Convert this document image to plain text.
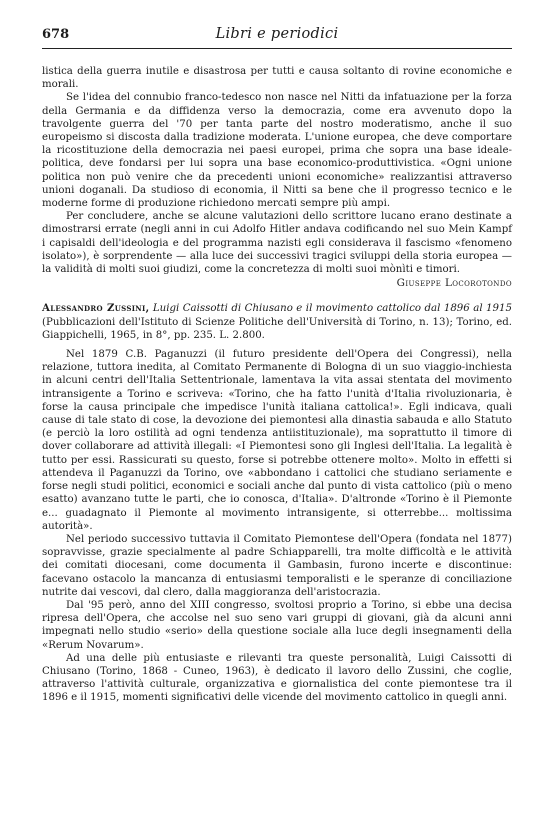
678	Libri e periodici

listica della guerra inutile e disastrosa per tutti e causa soltanto di rovine economiche e morali.

Se l'idea del connubio franco-tedesco non nasce nel Nitti da infatuazione per la forza della Germania e da diffidenza verso la democrazia, come era avvenuto dopo la travolgente guerra del '70 per tanta parte del nostro moderatismo, anche il suo europeismo si discosta dalla tradizione moderata. L'unione europea, che deve comportare la ricostituzione della democrazia nei paesi europei, prima che sopra una base ideale-politica, deve fondarsi per lui sopra una base economico-produttivistica. «Ogni unione politica non può venire che da precedenti unioni economiche» realizzantisi attraverso unioni doganali. Da studioso di economia, il Nitti sa bene che il progresso tecnico e le moderne forme di produzione richiedono mercati sempre più ampi.

Per concludere, anche se alcune valutazioni dello scrittore lucano erano destinate a dimostrarsi errate (negli anni in cui Adolfo Hitler andava codificando nel suo Mein Kampf i capisaldi dell'ideologia e del programma nazisti egli considerava il fascismo «fenomeno isolato»), è sorprendente — alla luce dei successivi tragici sviluppi della storia europea — la validità di molti suoi giudizi, come la concretezza di molti suoi mònìti e timori.

Giuseppe Locorotondo

Alessandro Zussini, Luigi Caissotti di Chiusano e il movimento cattolico dal 1896 al 1915 (Pubblicazioni dell'Istituto di Scienze Politiche dell'Università di Torino, n. 13); Torino, ed. Giappichelli, 1965, in 8°, pp. 235. L. 2.800.

Nel 1879 C.B. Paganuzzi (il futuro presidente dell'Opera dei Congressi), nella relazione, tuttora inedita, al Comitato Permanente di Bologna di un suo viaggio-inchiesta in alcuni centri dell'Italia Settentrionale, lamentava la vita assai stentata del movimento intransigente a Torino e scriveva: «Torino, che ha fatto l'unità d'Italia rivoluzionaria, è forse la causa principale che impedisce l'unità italiana cattolica!». Egli indicava, quali cause di tale stato di cose, la devozione dei piemontesi alla dinastia sabauda e allo Statuto (e perciò la loro ostilità ad ogni tendenza antiistituzionale), ma soprattutto il timore di dover collaborare ad attività illegali: «I Piemontesi sono gli Inglesi dell'Italia. La legalità è tutto per essi. Rassicurati su questo, forse si potrebbe ottenere molto». Molto in effetti si attendeva il Paganuzzi da Torino, ove «abbondano i cattolici che studiano seriamente e forse negli studi politici, economici e sociali anche dal punto di vista cattolico (più o meno esatto) avanzano tutte le parti, che io conosca, d'Italia». D'altronde «Torino è il Piemonte e... guadagnato il Piemonte al movimento intransigente, si otterrebbe... moltissima autorità».

Nel periodo successivo tuttavia il Comitato Piemontese dell'Opera (fondata nel 1877) sopravvisse, grazie specialmente al padre Schiapparelli, tra molte difficoltà e le attività dei comitati diocesani, come documenta il Gambasin, furono incerte e discontinue: facevano ostacolo la mancanza di entusiasmi temporalisti e le speranze di conciliazione nutrite dai vescovi, dal clero, dalla maggioranza dell'aristocrazia.

Dal '95 però, anno del XIII congresso, svoltosi proprio a Torino, si ebbe una decisa ripresa dell'Opera, che accolse nel suo seno vari gruppi di giovani, già da alcuni anni impegnati nello studio «serio» della questione sociale alla luce degli insegnamenti della «Rerum Novarum».

Ad una delle più entusiaste e rilevanti tra queste personalità, Luigi Caissotti di Chiusano (Torino, 1868 - Cuneo, 1963), è dedicato il lavoro dello Zussini, che coglie, attraverso l'attività culturale, organizzativa e giornalistica del conte piemontese tra il 1896 e il 1915, momenti significativi delle vicende del movimento cattolico in quegli anni.
